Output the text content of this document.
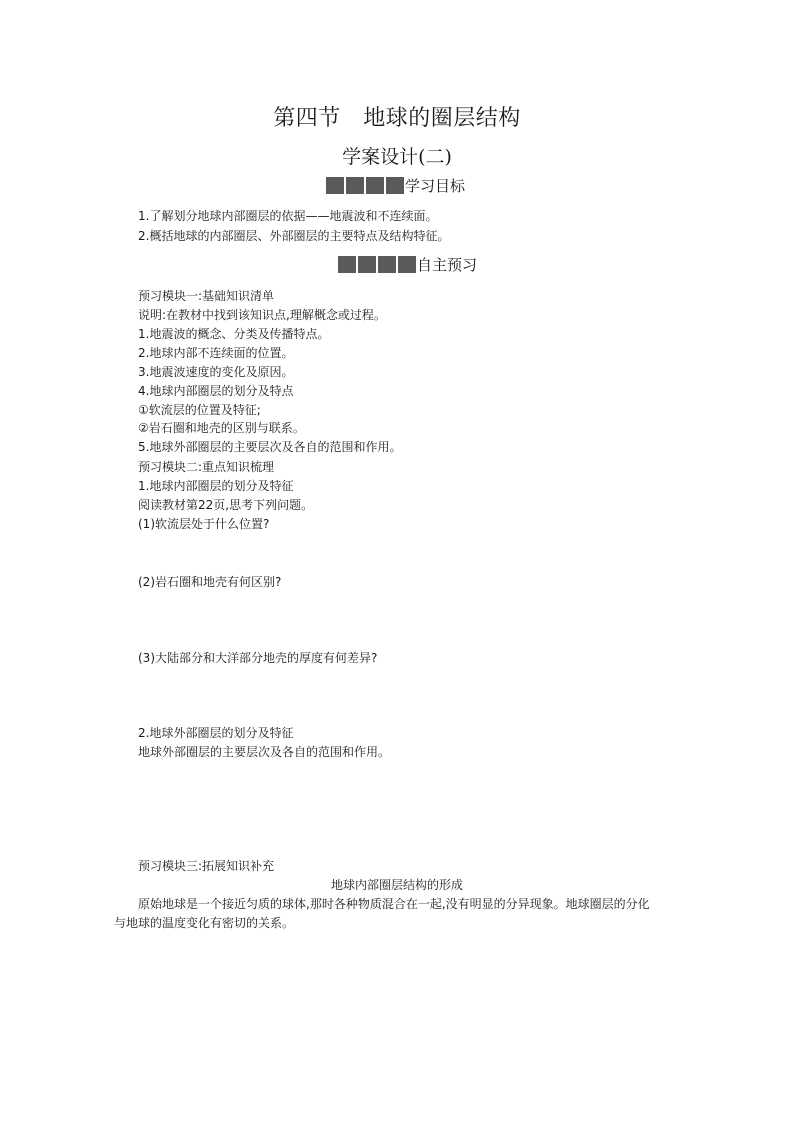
第四节　地球的圈层结构
学案设计(二)
学习目标
1.了解划分地球内部圈层的依据——地震波和不连续面。
2.概括地球的内部圈层、外部圈层的主要特点及结构特征。
自主预习
预习模块一:基础知识清单
说明:在教材中找到该知识点,理解概念或过程。
1.地震波的概念、分类及传播特点。
2.地球内部不连续面的位置。
3.地震波速度的变化及原因。
4.地球内部圈层的划分及特点
①软流层的位置及特征;
②岩石圈和地壳的区别与联系。
5.地球外部圈层的主要层次及各自的范围和作用。
预习模块二:重点知识梳理
1.地球内部圈层的划分及特征
阅读教材第22页,思考下列问题。
(1)软流层处于什么位置?
(2)岩石圈和地壳有何区别?
(3)大陆部分和大洋部分地壳的厚度有何差异?
2.地球外部圈层的划分及特征
地球外部圈层的主要层次及各自的范围和作用。
预习模块三:拓展知识补充
地球内部圈层结构的形成
原始地球是一个接近匀质的球体,那时各种物质混合在一起,没有明显的分异现象。地球圈层的分化
与地球的温度变化有密切的关系。
